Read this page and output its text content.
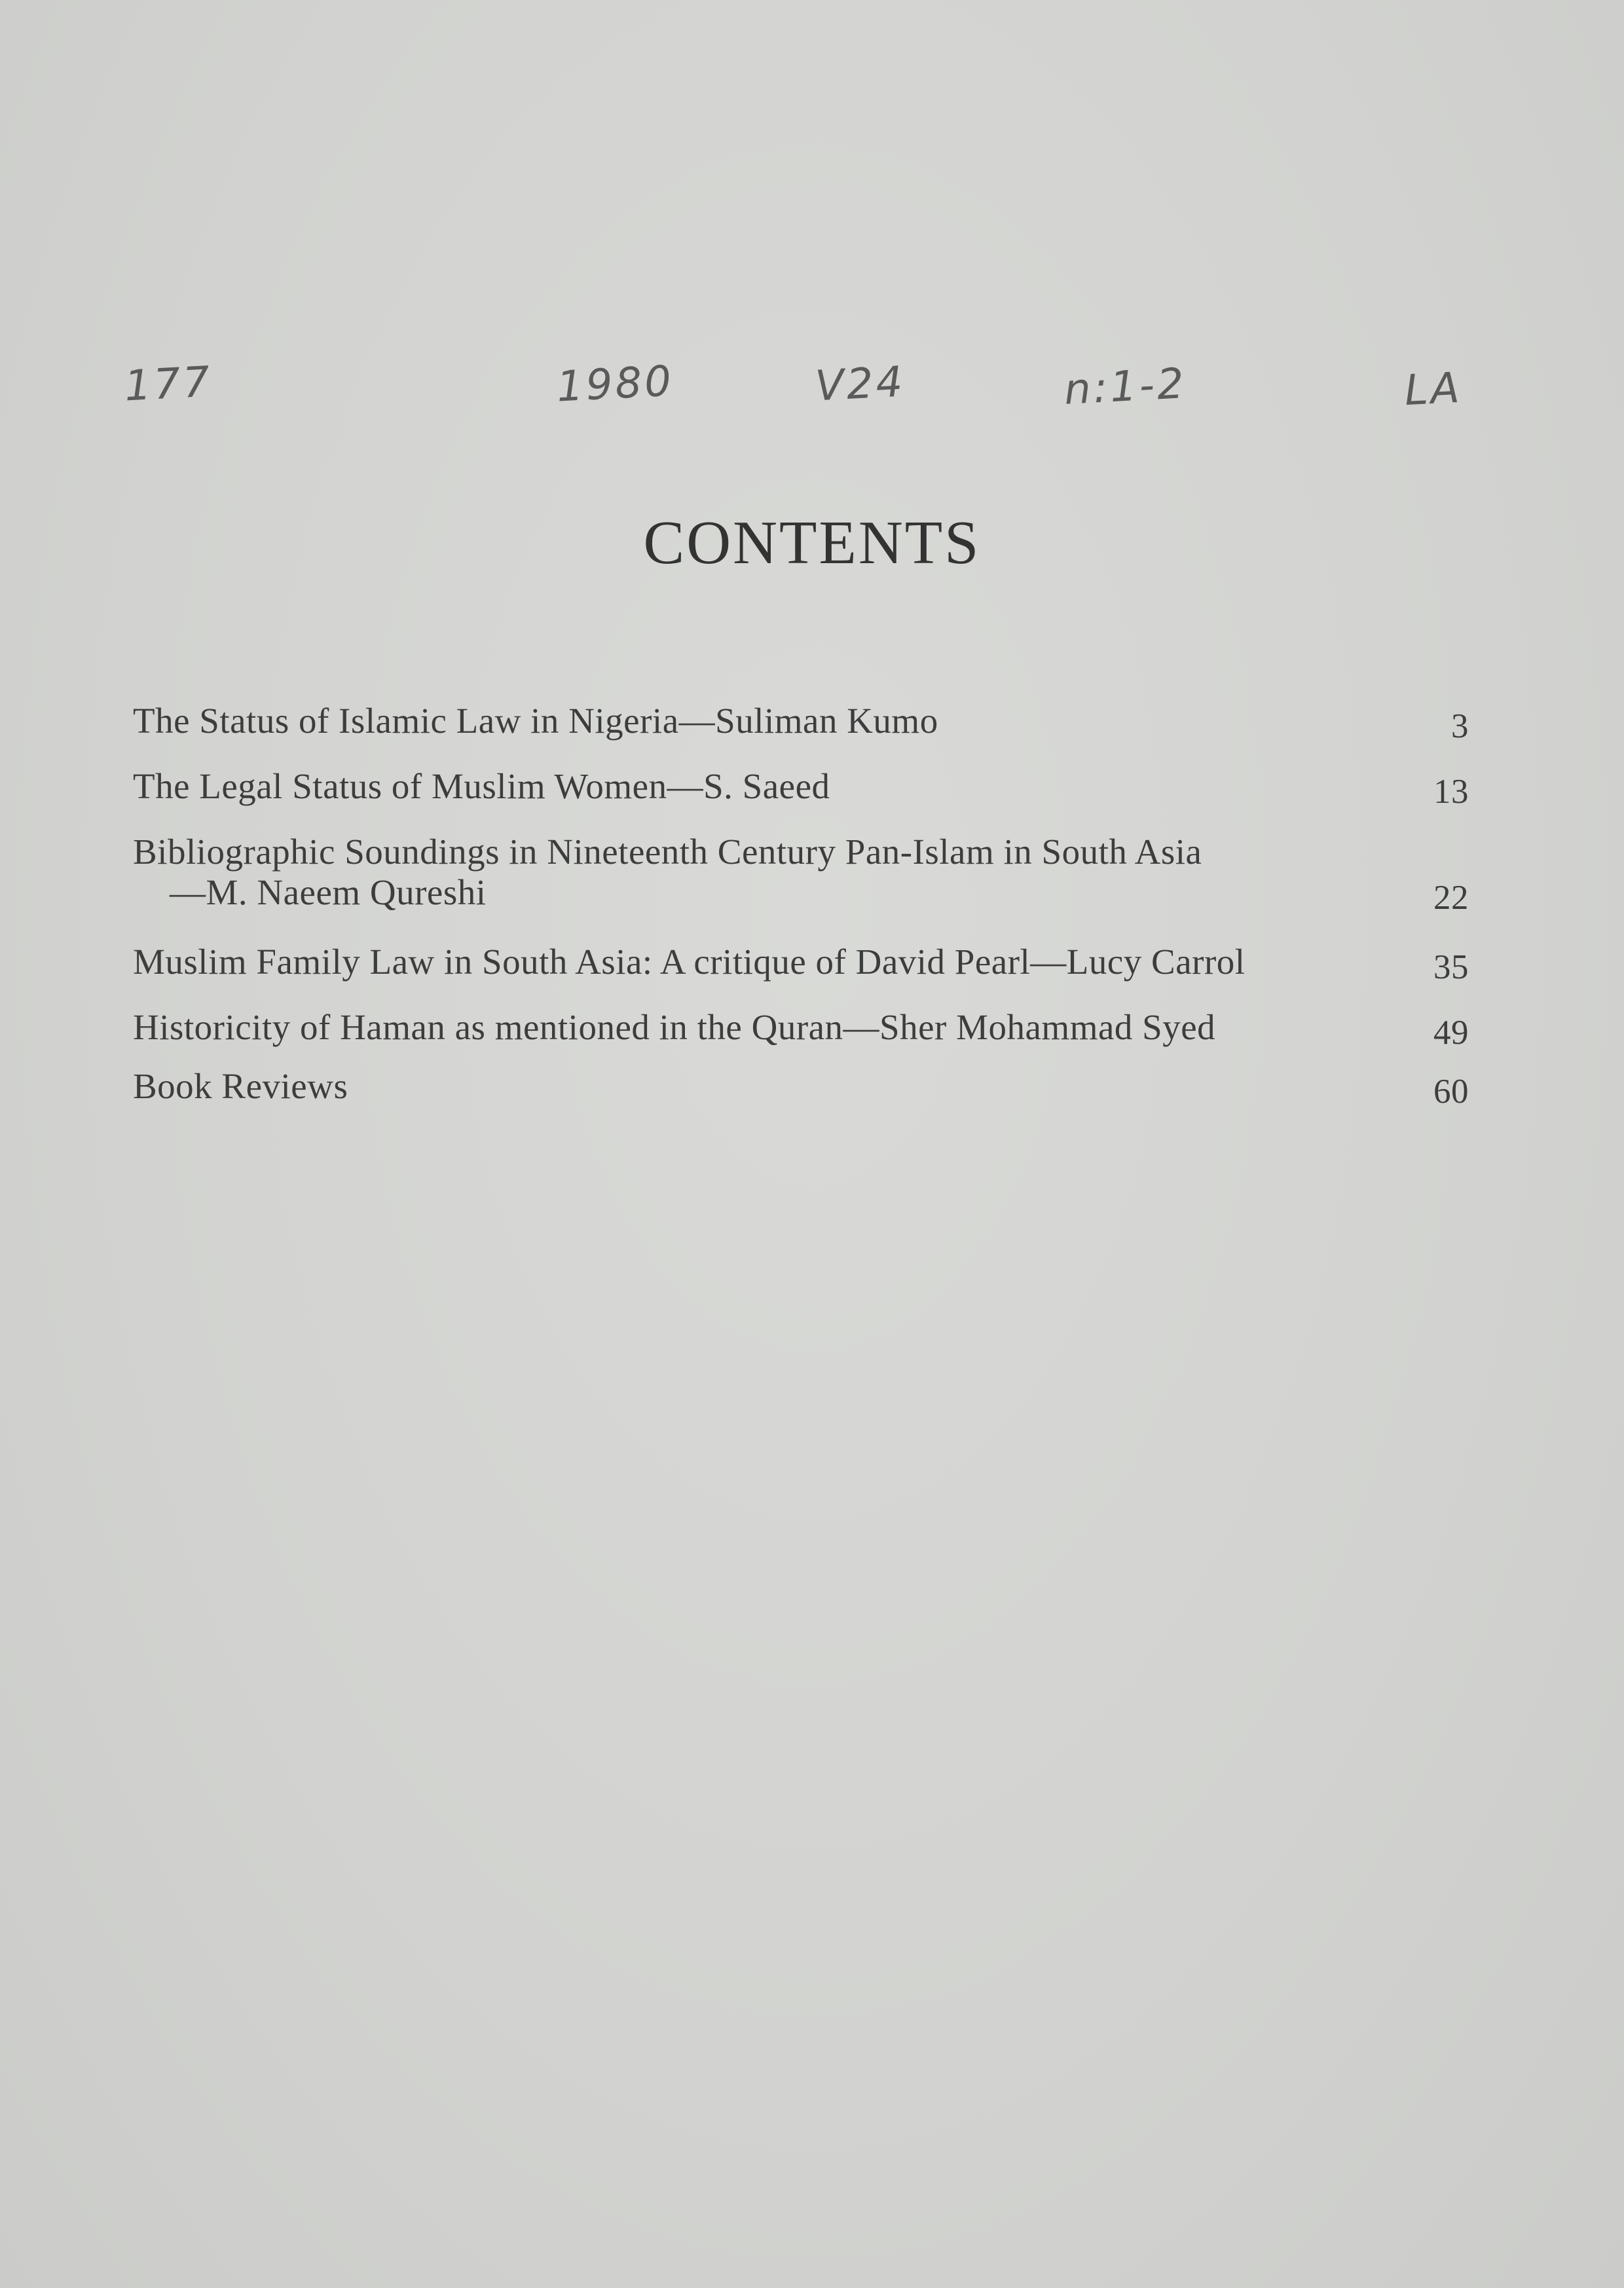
177	1980	V24	n:1-2	LA
CONTENTS
The Status of Islamic Law in Nigeria—Suliman Kumo	3
The Legal Status of Muslim Women—S. Saeed	13
Bibliographic Soundings in Nineteenth Century Pan-Islam in South Asia
—M. Naeem Qureshi	22
Muslim Family Law in South Asia: A critique of David Pearl—Lucy Carrol	35
Historicity of Haman as mentioned in the Quran—Sher Mohammad Syed	49
Book Reviews	60
